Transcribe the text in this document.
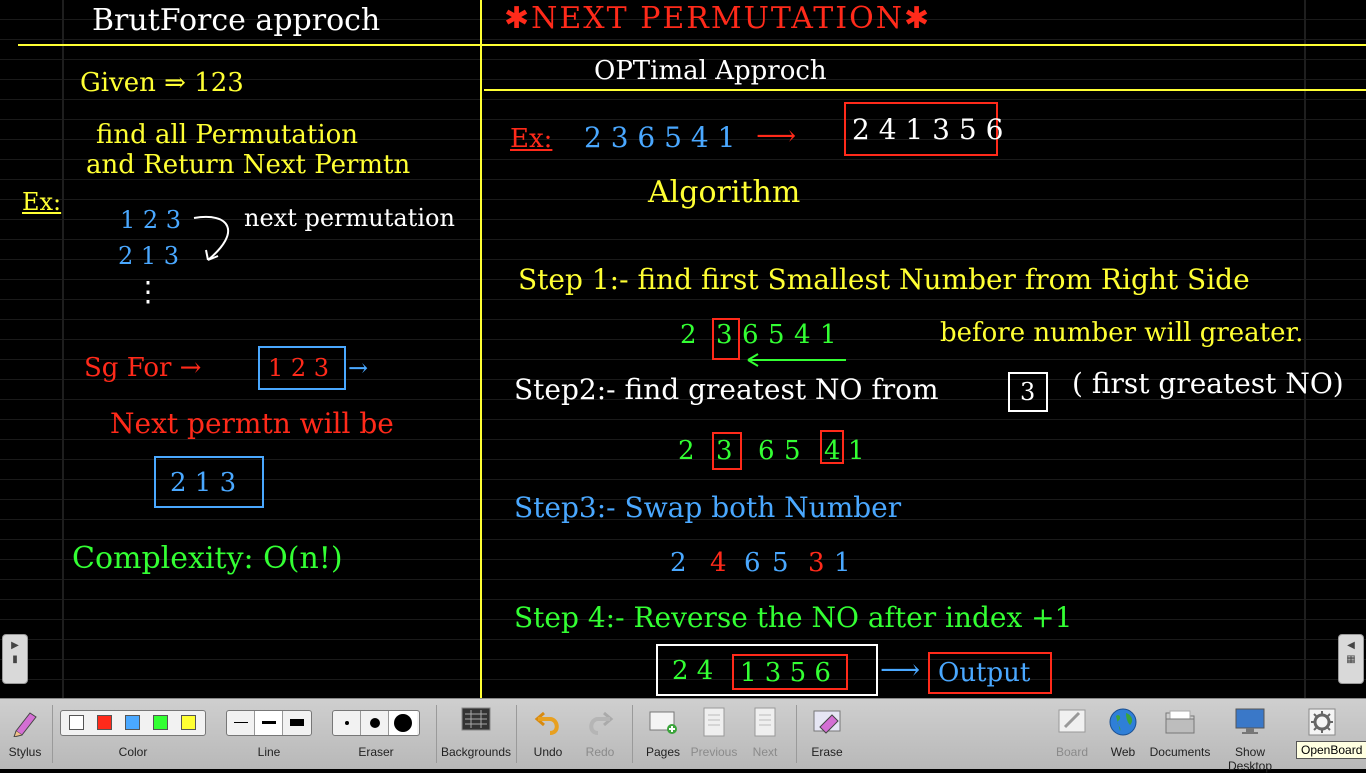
BrutForce approch
Given ⇒ 123
find all Permutation
and Return Next Permtn
Ex:
1 2 3
2 1 3
next permutation
⋮
Sg For →	1 2 3 →
Next permtn will be
2 1 3
Complexity: O(n!)
✱NEXT PERMUTATION✱
OPTimal Approch
Ex: 2 3 6 5 4 1 ⟶ 2 4 1 3 5 6
Algorithm
Step 1:- find first Smallest Number from Right Side
2 3 6 5 4 1	before number will greater.
Step2:- find greatest NO from	3 ( first greatest NO)
2 3 6 5 4 1
Step3:- Swap both Number
2 4 6 5 3 1
Step 4:- Reverse the NO after index +1
2 4 1 3 5 6 ⟶ Output
▶
▮
◀
▦
Stylus	Color	Line	Eraser	Backgrounds	Undo	Redo	Pages Previous	Next	Erase	Board	Web	Documents	Show Desktop
OpenBoard
